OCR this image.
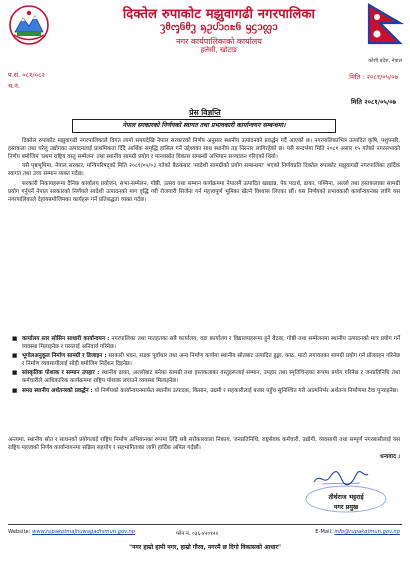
दिक्तेल रुपाकोट मझुवागढी नगरपालिका
ᦡᦲᧅᦑᦲᧆ ᦣᦳᦔᦱᦅᦰᦑ ᦙᦓᦱᦜᦱ
नगर कार्यपालिकाको कार्यालय
हलेसी, खोटाङ
कोशी प्रदेश, नेपाल
प.सं. ०८१/०८२
च.नं.
मिति : २०८१/०५/०७
मिति २०८१/०५/०७
प्रेस विज्ञप्ति
नेपाल सरकारको निर्णयको स्वागत तथा प्रभावकारी कार्यान्वयन सम्बन्धमा।

दिक्तेल रुपाकोट मझुवागढी नगरपालिकाले विगत लामो समयदेखि नेपाल सरकारको निर्णय अनुसार स्थानीय उत्पादनको प्रवर्द्धन गर्दै आएको छ। नगरपालिकाभित्र उत्पादित कृषि, पशुपन्छी, हस्तकला तथा घरेलु उद्योगका उत्पादनलाई प्राथमिकता दिँदै आर्थिक समृद्धि हासिल गर्ने उद्देश्यका साथ स्थानीय तह निरन्तर लागिरहेको छ। यसै सन्दर्भमा मिति २०८१ असार १५ गतेको नगरसभाको निर्णय बमोजिम 'प्रथम राष्ट्रिय वस्तु सम्मेलन' तथा स्थानीय सामग्री प्रयोग र मानवस्रोत विकास सम्बन्धी अभियान सञ्चालन गरिएको थियो।

यसै पृष्ठभूमिमा, नेपाल सरकार, मन्त्रिपरिषद्को मिति २०८१/०५/०३ गतेको बैठकबाट 'स्वदेशी सामग्रीको प्रयोग सम्बन्धमा' भएको निर्णयप्रति दिक्तेल रुपाकोट मझुवागढी नगरपालिका हार्दिक स्वागत तथा उच्च सम्मान व्यक्त गर्दछ।

सरकारी निकायहरूमा दैनिक कार्यालय प्रयोजन, सभा-सम्मेलन, गोष्ठी, उत्सव तथा सम्मान कार्यक्रममा नेपालमै उत्पादित खाद्यान्न, पेय पदार्थ, ढाका, पश्मिना, अल्लो तथा हस्तकलाका सामग्री प्रयोग गर्नुपर्ने नेपाल सरकारको निर्णयले स्वदेशी उत्पादनको माग वृद्धि गरी रोजगारी सिर्जना गर्न महत्त्वपूर्ण भूमिका खेल्ने विश्वास लिएका छौं। यस निर्णयको प्रभावकारी कार्यान्वयनका लागि यस नगरपालिकाले देहायबमोजिमका कार्यहरू गर्ने प्रतिबद्धता व्यक्त गर्दछ।

■ कार्यालय स्तर सोसिन साधारी कार्यान्वयन : नगरपालिका तथा मातहतका सबै कार्यालय, वडा कार्यालय र विद्यालयहरूमा हुने बैठक, गोष्ठी तथा सम्मेलनमा स्थानीय उत्पादनको मात्र प्रयोग गर्ने व्यवस्था मिलाइनेछ र यसलाई अनिवार्य गरिनेछ।
■ भूगोलअनुकूल निर्माण सामग्री र डिजाइन : सरकारी भवन, सडक पूर्वाधार तथा अन्य निर्माण कार्यमा स्थानीय स्रोतबाट उत्पादित ढुङ्गा, काठ, माटो लगायतका सामग्री प्रयोग गर्न प्रोत्साहन गरिनेछ र निर्माण व्यवसायीलाई सोही बमोजिम निर्देशन दिइनेछ।
■ सांस्कृतिक पोशाक र सम्मान उपहार : स्थानीय ढाका, अल्लोबाट बनेका सामग्री तथा हस्तकलाका वस्तुहरूलाई सम्मान, उपहार तथा स्मृतिचिन्हका रूपमा प्रयोग गरिनेछ र जनप्रतिनिधि तथा कर्मचारीले आधिकारिक कार्यक्रममा राष्ट्रिय पोशाक लगाउने व्यवस्था मिलाइनेछ।
■ समग्र स्थानीय अर्थतन्त्रको प्रवर्द्धन : यो निर्णयको कार्यान्वयनमार्फत स्थानीय उत्पादक, किसान, उद्यमी र सहकारीलाई बजार पहुँच सुनिश्चित गरी आत्मनिर्भर अर्थतन्त्र निर्माणमा टेवा पुऱ्याइनेछ।
अन्त्यमा, स्थानीय स्रोत र साधनको प्रयोगलाई राष्ट्रिय निर्माण अभियानका रूपमा लिँदै सबै सरोकारवाला निकाय, जनप्रतिनिधि, राष्ट्रसेवक कर्मचारी, उद्योगी, व्यवसायी तथा सम्पूर्ण नगरबासीलाई यस राष्ट्रिय महत्त्वको निर्णय कार्यान्वयनमा सक्रिय सहयोग र सहभागिताका लागि हार्दिक अपिल गर्दछौं।
धन्यवाद ।
तीर्थराज भट्टराई
नगर प्रमुख
Website: www.rupakotmajhuwagadhimun.gov.np	फोन नं. ०३६-४२०१२२	E-Mail: info@rupakotmun.gov.np
"नगर हाम्रो हामी नगर, हाम्रो गौरव, नगरमै छ दिगो विकासको आधार"
